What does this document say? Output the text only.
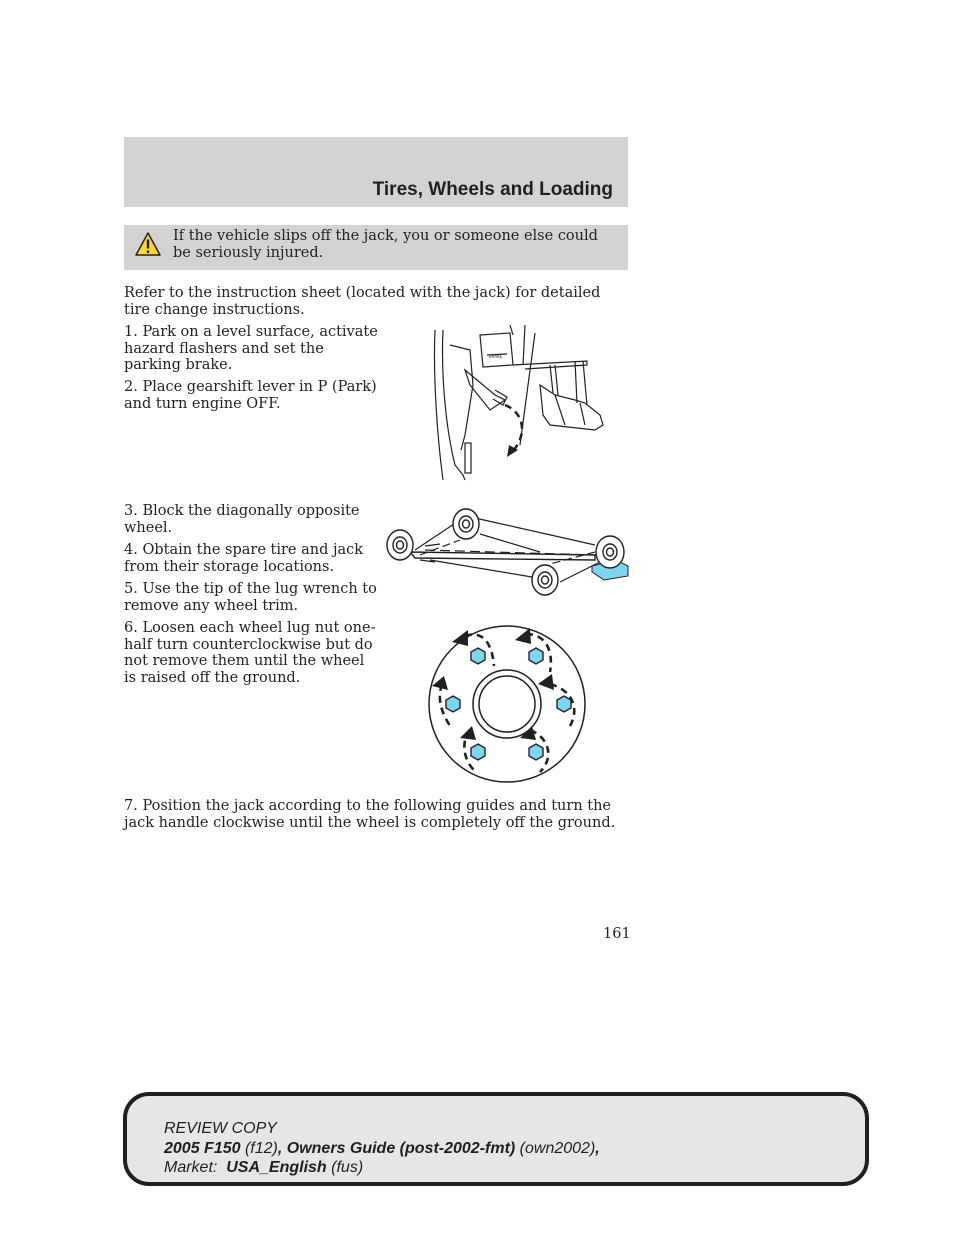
Tires, Wheels and Loading
If the vehicle slips off the jack, you or someone else could be seriously injured.

Refer to the instruction sheet (located with the jack) for detailed tire change instructions.

1. Park on a level surface, activate hazard flashers and set the parking brake.

2. Place gearshift lever in P (Park) and turn engine OFF.

3. Block the diagonally opposite wheel.

4. Obtain the spare tire and jack from their storage locations.

5. Use the tip of the lug wrench to remove any wheel trim.

6. Loosen each wheel lug nut one-half turn counterclockwise but do not remove them until the wheel is raised off the ground.

7. Position the jack according to the following guides and turn the jack handle clockwise until the wheel is completely off the ground.

BRAKE
161
REVIEW COPY
2005 F150 (f12), Owners Guide (post-2002-fmt) (own2002),
Market:  USA_English (fus)
